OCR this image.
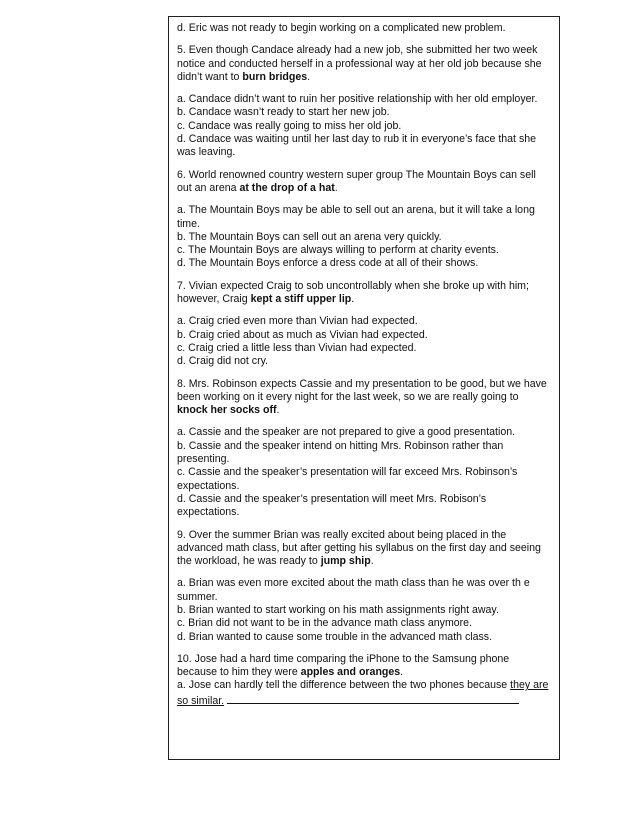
d. Eric was not ready to begin working on a complicated new problem.

5. Even though Candace already had a new job, she submitted her two week notice and conducted herself in a professional way at her old job because she didn’t want to burn bridges.

a. Candace didn’t want to ruin her positive relationship with her old employer.
b. Candace wasn’t ready to start her new job.
c. Candace was really going to miss her old job.
d. Candace was waiting until her last day to rub it in everyone’s face that she was leaving.

6. World renowned country western super group The Mountain Boys can sell out an arena at the drop of a hat.

a. The Mountain Boys may be able to sell out an arena, but it will take a long time.
b. The Mountain Boys can sell out an arena very quickly.
c. The Mountain Boys are always willing to perform at charity events.
d. The Mountain Boys enforce a dress code at all of their shows.

7. Vivian expected Craig to sob uncontrollably when she broke up with him; however, Craig kept a stiff upper lip.

a. Craig cried even more than Vivian had expected.
b. Craig cried about as much as Vivian had expected.
c. Craig cried a little less than Vivian had expected.
d. Craig did not cry.

8. Mrs. Robinson expects Cassie and my presentation to be good, but we have been working on it every night for the last week, so we are really going to knock her socks off.

a. Cassie and the speaker are not prepared to give a good presentation.
b. Cassie and the speaker intend on hitting Mrs. Robinson rather than presenting.
c. Cassie and the speaker’s presentation will far exceed Mrs. Robinson’s expectations.
d. Cassie and the speaker’s presentation will meet Mrs. Robison’s expectations.

9. Over the summer Brian was really excited about being placed in the advanced math class, but after getting his syllabus on the first day and seeing the workload, he was ready to jump ship.

a. Brian was even more excited about the math class than he was over th e summer.
b. Brian wanted to start working on his math assignments right away.
c. Brian did not want to be in the advance math class anymore.
d. Brian wanted to cause some trouble in the advanced math class.

10. Jose had a hard time comparing the iPhone to the Samsung phone because to him they were apples and oranges.

a. Jose can hardly tell the difference between the two phones because they are so similar.
